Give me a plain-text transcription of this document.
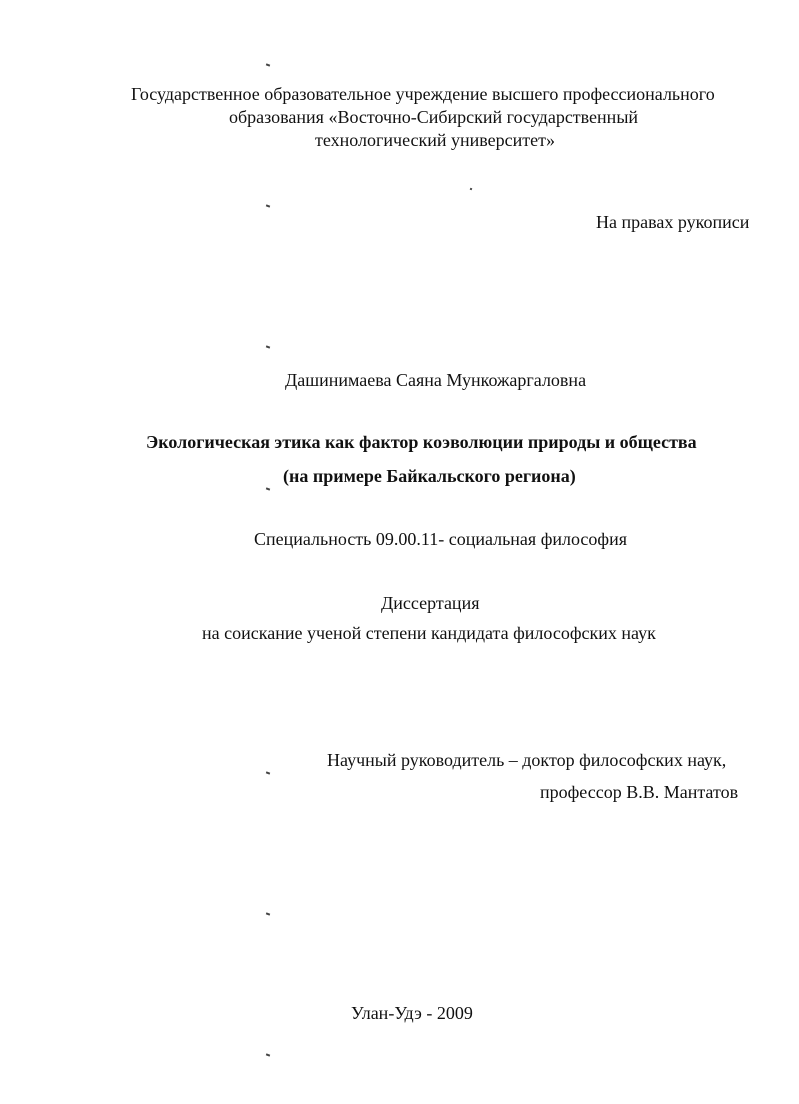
Государственное образовательное учреждение высшего профессионального
образования «Восточно-Сибирский государственный
технологический университет»
На правах рукописи
Дашинимаева Саяна Мункожаргаловна
Экологическая этика как фактор коэволюции природы и общества
(на примере Байкальского региона)
Специальность 09.00.11- социальная философия
Диссертация
на соискание ученой степени кандидата философских наук
Научный руководитель – доктор философских наук,
профессор В.В. Мантатов
Улан-Удэ - 2009
